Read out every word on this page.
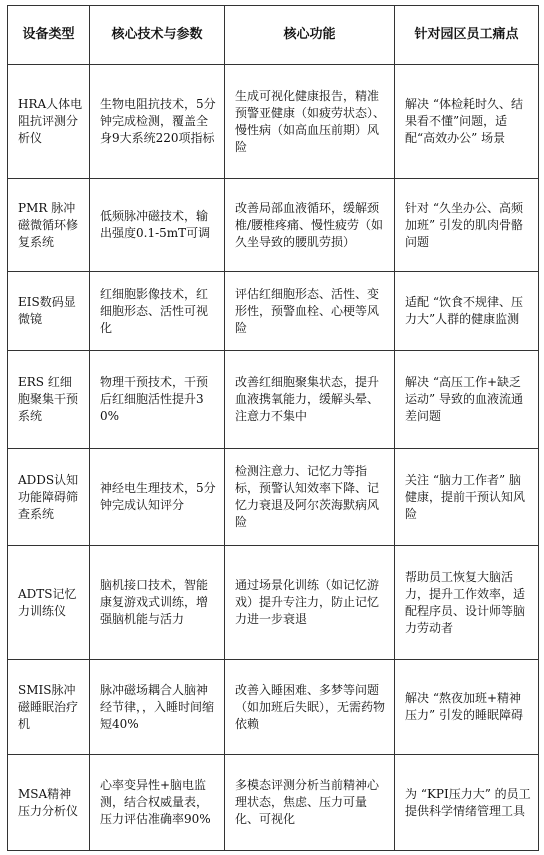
设备类型	核心技术与参数	核心功能	针对园区员工痛点
HRA人体电阻抗评测分析仪	生物电阻抗技术，5分钟完成检测，覆盖全身9大系统220项指标	生成可视化健康报告，精准预警亚健康（如疲劳状态）、慢性病（如高血压前期）风险	解决 “体检耗时久、结果看不懂”问题，适配“高效办公” 场景
PMR 脉冲磁微循环修复系统	低频脉冲磁技术，输出强度0.1-5mT可调	改善局部血液循环，缓解颈椎/腰椎疼痛、慢性疲劳（如久坐导致的腰肌劳损）	针对 “久坐办公、高频加班” 引发的肌肉骨骼问题
EIS数码显微镜	红细胞影像技术，红细胞形态、活性可视化	评估红细胞形态、活性、变形性，预警血栓、心梗等风险	适配 “饮食不规律、压力大”人群的健康监测
ERS 红细胞聚集干预系统	物理干预技术，干预后红细胞活性提升30%	改善红细胞聚集状态，提升血液携氧能力，缓解头晕、注意力不集中	解决 “高压工作+缺乏运动” 导致的血液流通差问题
ADDS认知功能障碍筛查系统	神经电生理技术，5分钟完成认知评分	检测注意力、记忆力等指标，预警认知效率下降、记忆力衰退及阿尔茨海默病风险	关注 “脑力工作者” 脑健康，提前干预认知风险
ADTS记忆力训练仪	脑机接口技术，智能康复游戏式训练，增强脑机能与活力	通过场景化训练（如记忆游戏）提升专注力，防止记忆力进一步衰退	帮助员工恢复大脑活力，提升工作效率，适配程序员、设计师等脑力劳动者
SMIS脉冲磁睡眠治疗机	脉冲磁场耦合人脑神经节律，，入睡时间缩短40%	改善入睡困难、多梦等问题（如加班后失眠），无需药物依赖	解决 “熬夜加班+精神压力” 引发的睡眠障碍
MSA精神压力分析仪	心率变异性+脑电监测，结合权威量表，压力评估准确率90%	多模态评测分析当前精神心理状态，焦虑、压力可量化、可视化	为 “KPI压力大” 的员工提供科学情绪管理工具
